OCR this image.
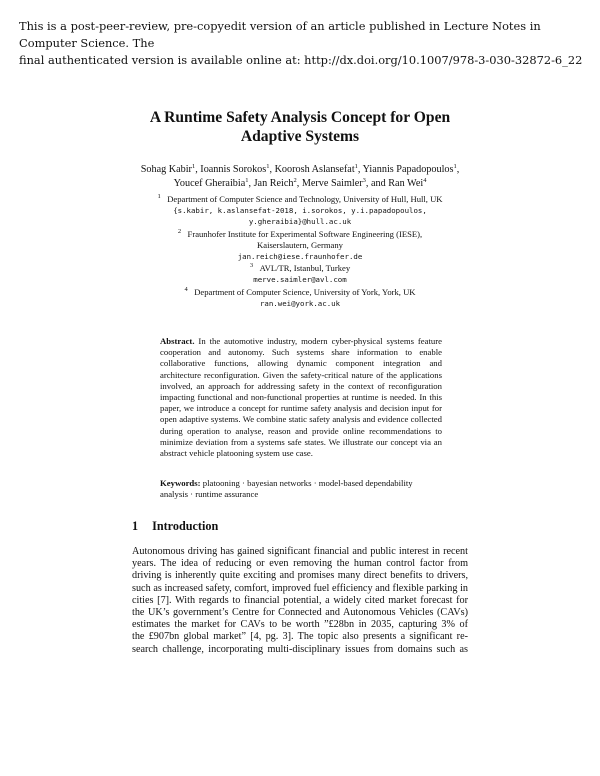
This is a post-peer-review, pre-copyedit version of an article published in Lecture Notes in Computer Science. The
final authenticated version is available online at: http://dx.doi.org/10.1007/978-3-030-32872-6_22
A Runtime Safety Analysis Concept for Open
Adaptive Systems
Sohag Kabir$^1$, Ioannis Sorokos$^1$, Koorosh Aslansefat$^1$, Yiannis Papadopoulos$^1$,
Youcef Gheraibia$^1$, Jan Reich$^2$, Merve Saimler$^3$, and Ran Wei$^4$
$^1$ Department of Computer Science and Technology, University of Hull, Hull, UK
{s.kabir, k.aslansefat-2018, i.sorokos, y.i.papadopoulos,
y.gheraibia}@hull.ac.uk
$^2$ Fraunhofer Institute for Experimental Software Engineering (IESE),
Kaiserslautern, Germany
jan.reich@iese.fraunhofer.de
$^3$ AVL/TR, Istanbul, Turkey
merve.saimler@avl.com
$^4$ Department of Computer Science, University of York, York, UK
ran.wei@york.ac.uk
Abstract. In the automotive industry, modern cyber-physical systems feature cooperation and autonomy. Such systems share information to enable collaborative functions, allowing dynamic component integration and architecture reconfiguration. Given the safety-critical nature of the applications involved, an approach for addressing safety in the context of reconfiguration impacting functional and non-functional properties at runtime is needed. In this paper, we introduce a concept for runtime safety analysis and decision input for open adaptive systems. We combine static safety analysis and evidence collected during operation to analyse, reason and provide online recommendations to minimize deviation from a systems safe states. We illustrate our concept via an abstract vehicle platooning system use case.
Keywords: platooning · bayesian networks · model-based dependability analysis · runtime assurance
1 Introduction
Autonomous driving has gained significant financial and public interest in recent
years. The idea of reducing or even removing the human control factor from
driving is inherently quite exciting and promises many direct benefits to drivers,
such as increased safety, comfort, improved fuel efficiency and flexible parking in
cities [7]. With regards to financial potential, a widely cited market forecast for
the UK’s government’s Centre for Connected and Autonomous Vehicles (CAVs)
estimates the market for CAVs to be worth ”£28bn in 2035, capturing 3% of
the £907bn global market” [4, pg. 3]. The topic also presents a significant re-
search challenge, incorporating multi-disciplinary issues from domains such as
